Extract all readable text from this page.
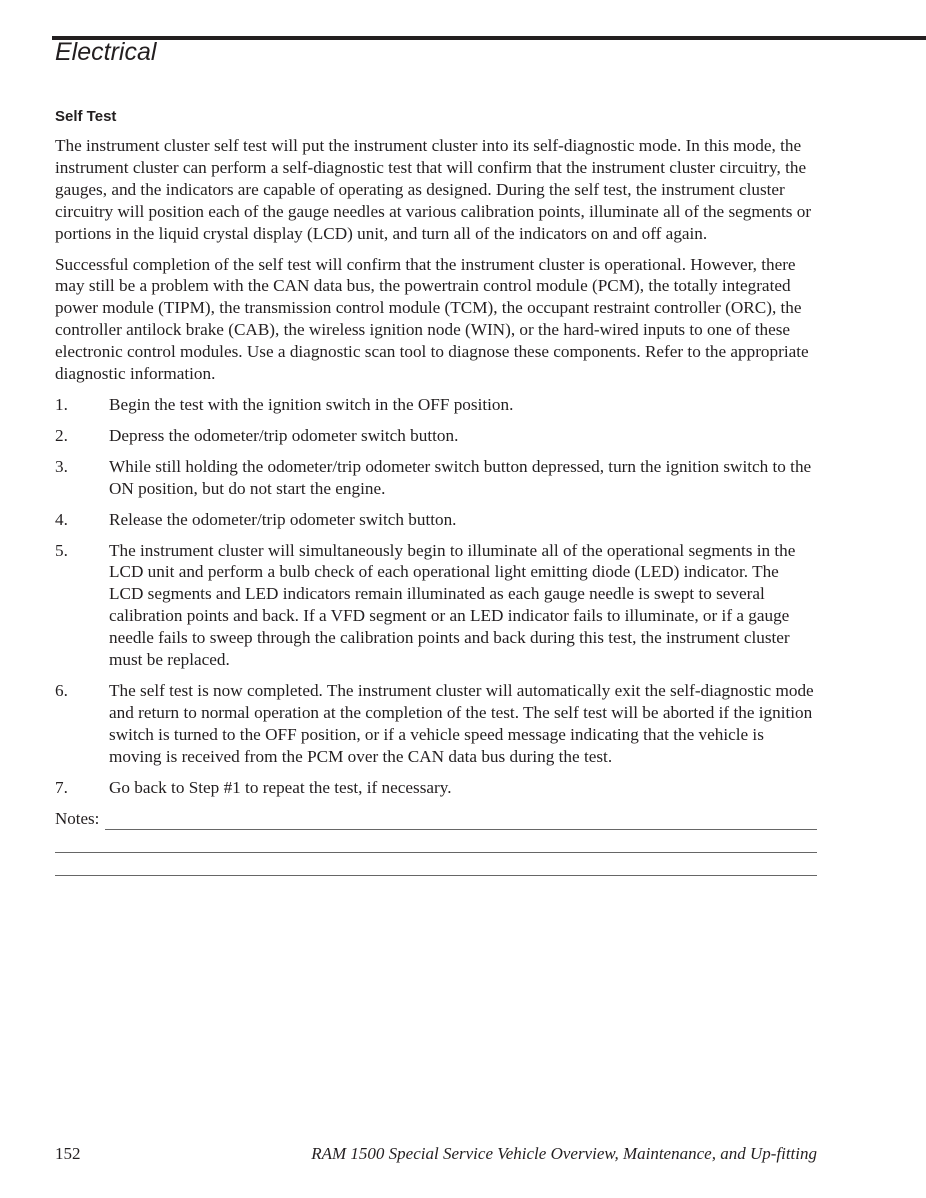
Electrical
Self Test

The instrument cluster self test will put the instrument cluster into its self-diagnostic mode. In this mode, the instrument cluster can perform a self-diagnostic test that will confirm that the instrument cluster circuitry, the gauges, and the indicators are capable of operating as designed. During the self test, the instrument cluster circuitry will position each of the gauge needles at various calibration points, illuminate all of the segments or portions in the liquid crystal display (LCD) unit, and turn all of the indicators on and off again.

Successful completion of the self test will confirm that the instrument cluster is operational. However, there may still be a problem with the CAN data bus, the powertrain control module (PCM), the totally integrated power module (TIPM), the transmission control module (TCM), the occupant restraint controller (ORC), the controller antilock brake (CAB), the wireless ignition node (WIN), or the hard-wired inputs to one of these electronic control modules. Use a diagnostic scan tool to diagnose these components. Refer to the appropriate diagnostic information.

1.	Begin the test with the ignition switch in the OFF position.
2.	Depress the odometer/trip odometer switch button.
3.	While still holding the odometer/trip odometer switch button depressed, turn the ignition switch to the ON position, but do not start the engine.
4.	Release the odometer/trip odometer switch button.
5.	The instrument cluster will simultaneously begin to illuminate all of the operational segments in the LCD unit and perform a bulb check of each operational light emitting diode (LED) indicator. The LCD segments and LED indicators remain illuminated as each gauge needle is swept to several calibration points and back. If a VFD segment or an LED indicator fails to illuminate, or if a gauge needle fails to sweep through the calibration points and back during this test, the instrument cluster must be replaced.
6.	The self test is now completed. The instrument cluster will automatically exit the self-diagnostic mode and return to normal operation at the completion of the test. The self test will be aborted if the ignition switch is turned to the OFF position, or if a vehicle speed message indicating that the vehicle is moving is received from the PCM over the CAN data bus during the test.
7.	Go back to Step #1 to repeat the test, if necessary.
Notes:
152	RAM 1500 Special Service Vehicle Overview, Maintenance, and Up-fitting
